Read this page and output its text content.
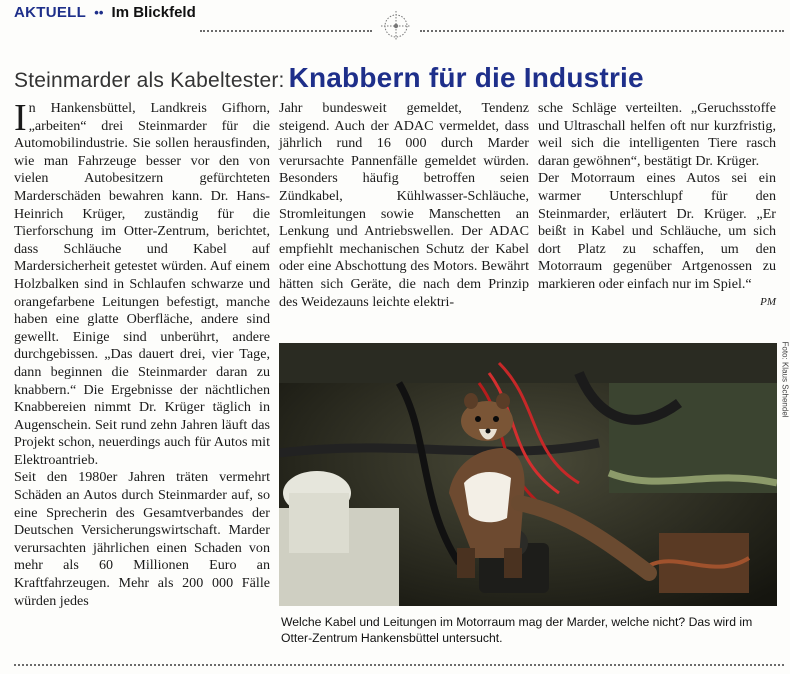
AKTUELL •• Im Blickfeld
Steinmarder als Kabeltester: Knabbern für die Industrie

In Hankensbüttel, Landkreis Gifhorn, „arbeiten“ drei Steinmarder für die Automobilindustrie. Sie sollen herausfinden, wie man Fahrzeuge besser vor den von vielen Autobesitzern gefürchteten Marderschäden bewahren kann. Dr. Hans-Heinrich Krüger, zuständig für die Tierforschung im Otter-Zentrum, berichtet, dass Schläuche und Kabel auf Mardersicherheit getestet würden. Auf einem Holzbalken sind in Schlaufen schwarze und orangefarbene Leitungen befestigt, manche haben eine glatte Oberfläche, andere sind gewellt. Einige sind unberührt, andere durchgebissen. „Das dauert drei, vier Tage, dann beginnen die Steinmarder daran zu knabbern.“ Die Ergebnisse der nächtlichen Knabbereien nimmt Dr. Krüger täglich in Augenschein. Seit rund zehn Jahren läuft das Projekt schon, neuerdings auch für Autos mit Elektroantrieb.

Seit den 1980er Jahren träten vermehrt Schäden an Autos durch Steinmarder auf, so eine Sprecherin des Gesamtverbandes der Deutschen Versicherungswirtschaft. Marder verursachten jährlichen einen Schaden von mehr als 60 Millionen Euro an Kraftfahrzeugen. Mehr als 200 000 Fälle würden jedes

Jahr bundesweit gemeldet, Tendenz steigend. Auch der ADAC vermeldet, dass jährlich rund 16 000 durch Marder verursachte Pannenfälle gemeldet würden. Besonders häufig betroffen seien Zündkabel, Kühlwasser-Schläuche, Stromleitungen sowie Manschetten an Lenkung und Antriebswellen. Der ADAC empfiehlt mechanischen Schutz der Kabel oder eine Abschottung des Motors. Bewährt hätten sich Geräte, die nach dem Prinzip des Weidezauns leichte elektri-

sche Schläge verteilten. „Geruchsstoffe und Ultraschall helfen oft nur kurzfristig, weil sich die intelligenten Tiere rasch daran gewöhnen“, bestätigt Dr. Krüger.

Der Motorraum eines Autos sei ein warmer Unterschlupf für den Steinmarder, erläutert Dr. Krüger. „Er beißt in Kabel und Schläuche, um sich dort Platz zu schaffen, um den Motorraum gegenüber Artgenossen zu markieren oder einfach nur im Spiel.“

PM

Foto: Klaus Schendel
Welche Kabel und Leitungen im Motorraum mag der Marder, welche nicht? Das wird im Otter-Zentrum Hankensbüttel untersucht.
